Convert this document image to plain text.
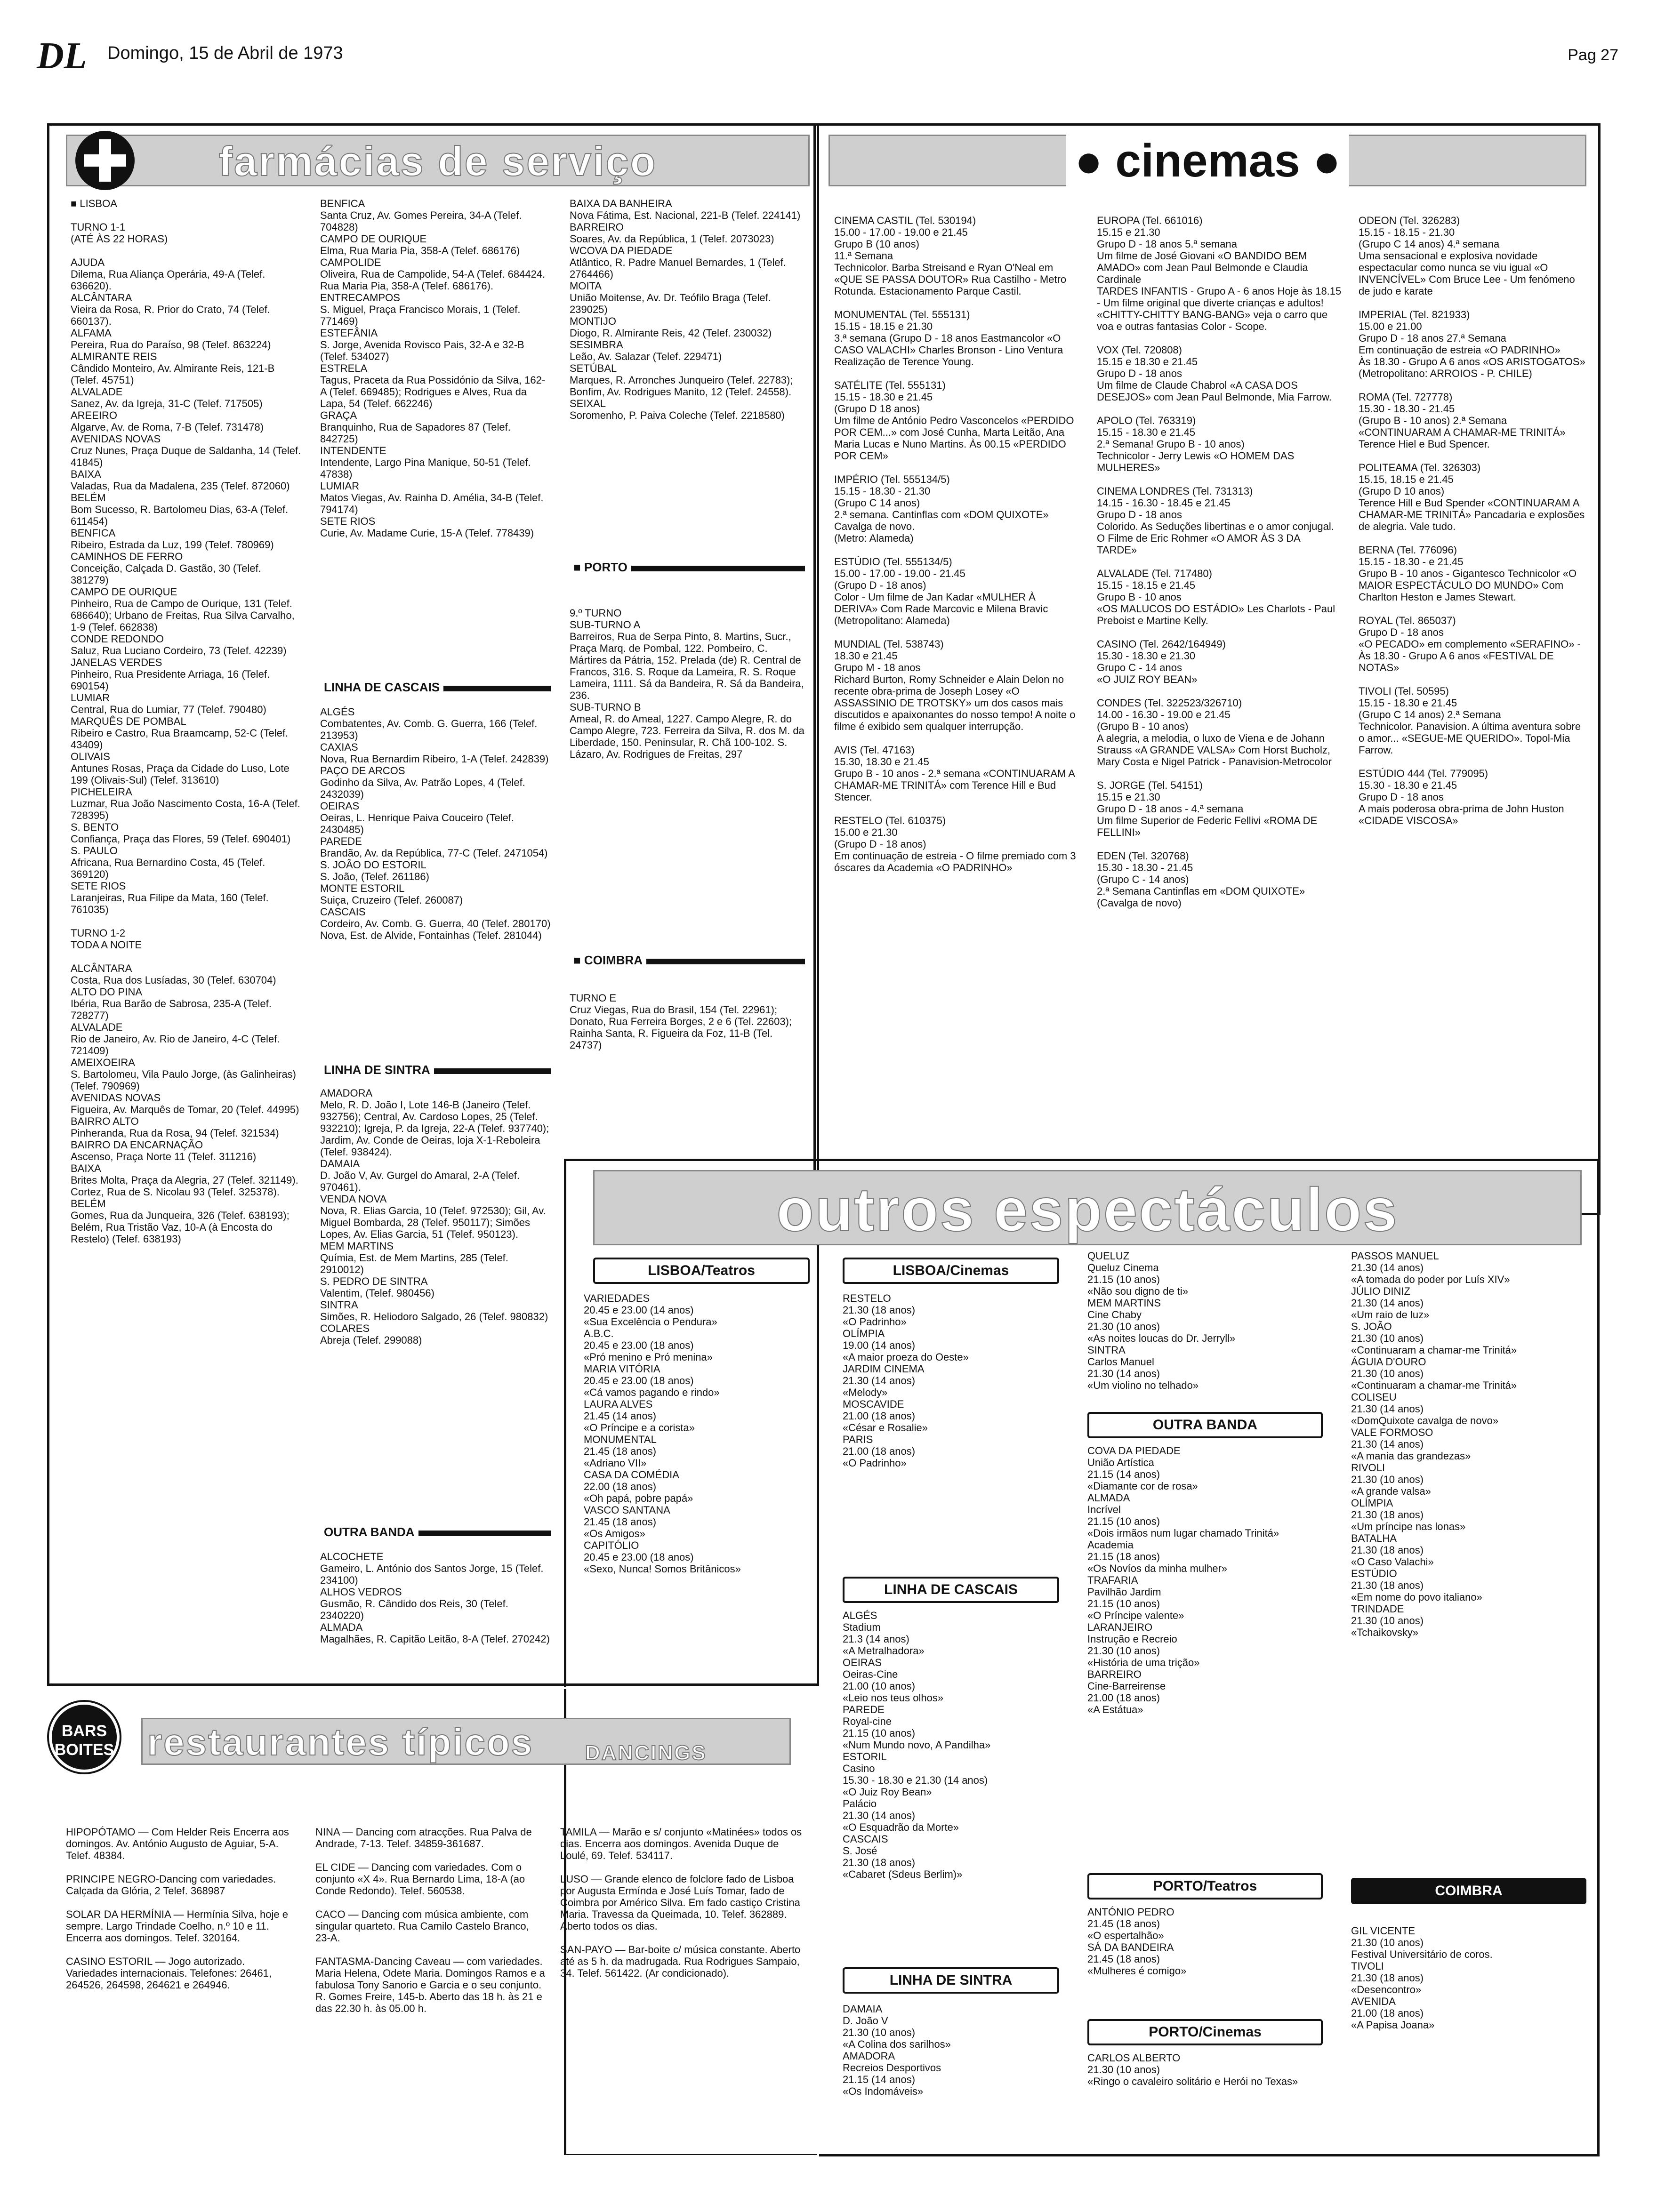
DL Domingo, 15 de Abril de 1973	Pag 27
farmácias de serviço
■ LISBOA

TURNO 1-1
(ATÉ ÀS 22 HORAS)

AJUDA
Dilema, Rua Aliança Operária, 49-A (Telef. 636620).
ALCÂNTARA
Vieira da Rosa, R. Prior do Crato, 74 (Telef. 660137).
ALFAMA
Pereira, Rua do Paraíso, 98 (Telef. 863224)
ALMIRANTE REIS
Cândido Monteiro, Av. Almirante Reis, 121-B (Telef. 45751)
ALVALADE
Sanez, Av. da Igreja, 31-C (Telef. 717505)
AREEIRO
Algarve, Av. de Roma, 7-B (Telef. 731478)
AVENIDAS NOVAS
Cruz Nunes, Praça Duque de Saldanha, 14 (Telef. 41845)
BAIXA
Valadas, Rua da Madalena, 235 (Telef. 872060)
BELÉM
Bom Sucesso, R. Bartolomeu Dias, 63-A (Telef. 611454)
BENFICA
Ribeiro, Estrada da Luz, 199 (Telef. 780969)
CAMINHOS DE FERRO
Conceição, Calçada D. Gastão, 30 (Telef. 381279)
CAMPO DE OURIQUE
Pinheiro, Rua de Campo de Ourique, 131 (Telef. 686640); Urbano de Freitas, Rua Silva Carvalho, 1-9 (Telef. 662838)
CONDE REDONDO
Saluz, Rua Luciano Cordeiro, 73 (Telef. 42239)
JANELAS VERDES
Pinheiro, Rua Presidente Arriaga, 16 (Telef. 690154)
LUMIAR
Central, Rua do Lumiar, 77 (Telef. 790480)
MARQUÊS DE POMBAL
Ribeiro e Castro, Rua Braamcamp, 52-C (Telef. 43409)
OLIVAIS
Antunes Rosas, Praça da Cidade do Luso, Lote 199 (Olivais-Sul) (Telef. 313610)
PICHELEIRA
Luzmar, Rua João Nascimento Costa, 16-A (Telef. 728395)
S. BENTO
Confiança, Praça das Flores, 59 (Telef. 690401)
S. PAULO
Africana, Rua Bernardino Costa, 45 (Telef. 369120)
SETE RIOS
Laranjeiras, Rua Filipe da Mata, 160 (Telef. 761035)

TURNO 1-2
TODA A NOITE

ALCÂNTARA
Costa, Rua dos Lusíadas, 30 (Telef. 630704)
ALTO DO PINA
Ibéria, Rua Barão de Sabrosa, 235-A (Telef. 728277)
ALVALADE
Rio de Janeiro, Av. Rio de Janeiro, 4-C (Telef. 721409)
AMEIXOEIRA
S. Bartolomeu, Vila Paulo Jorge, (às Galinheiras) (Telef. 790969)
AVENIDAS NOVAS
Figueira, Av. Marquês de Tomar, 20 (Telef. 44995)
BAIRRO ALTO
Pinheranda, Rua da Rosa, 94 (Telef. 321534)
BAIRRO DA ENCARNAÇÃO
Ascenso, Praça Norte 11 (Telef. 311216)
BAIXA
Brites Molta, Praça da Alegria, 27 (Telef. 321149). Cortez, Rua de S. Nicolau 93 (Telef. 325378).
BELÉM
Gomes, Rua da Junqueira, 326 (Telef. 638193); Belém, Rua Tristão Vaz, 10-A (à Encosta do Restelo) (Telef. 638193)
BENFICA
Santa Cruz, Av. Gomes Pereira, 34-A (Telef. 704828)
CAMPO DE OURIQUE
Elma, Rua Maria Pia, 358-A (Telef. 686176)
CAMPOLIDE
Oliveira, Rua de Campolide, 54-A (Telef. 684424. Rua Maria Pia, 358-A (Telef. 686176).
ENTRECAMPOS
S. Miguel, Praça Francisco Morais, 1 (Telef. 771469)
ESTEFÂNIA
S. Jorge, Avenida Rovisco Pais, 32-A e 32-B (Telef. 534027)
ESTRELA
Tagus, Praceta da Rua Possidónio da Silva, 162-A (Telef. 669485); Rodrigues e Alves, Rua da Lapa, 54 (Telef. 662246)
GRAÇA
Branquinho, Rua de Sapadores 87 (Telef. 842725)
INTENDENTE
Intendente, Largo Pina Manique, 50-51 (Telef. 47838)
LUMIAR
Matos Viegas, Av. Rainha D. Amélia, 34-B (Telef. 794174)
SETE RIOS
Curie, Av. Madame Curie, 15-A (Telef. 778439)
LINHA DE CASCAIS
ALGÉS
Combatentes, Av. Comb. G. Guerra, 166 (Telef. 213953)
CAXIAS
Nova, Rua Bernardim Ribeiro, 1-A (Telef. 242839)
PAÇO DE ARCOS
Godinho da Silva, Av. Patrão Lopes, 4 (Telef. 2432039)
OEIRAS
Oeiras, L. Henrique Paiva Couceiro (Telef. 2430485)
PAREDE
Brandão, Av. da República, 77-C (Telef. 2471054)
S. JOÃO DO ESTORIL
S. João, (Telef. 261186)
MONTE ESTORIL
Suiça, Cruzeiro (Telef. 260087)
CASCAIS
Cordeiro, Av. Comb. G. Guerra, 40 (Telef. 280170)
Nova, Est. de Alvide, Fontainhas (Telef. 281044)
LINHA DE SINTRA
AMADORA
Melo, R. D. João I, Lote 146-B (Janeiro (Telef. 932756); Central, Av. Cardoso Lopes, 25 (Telef. 932210); Igreja, P. da Igreja, 22-A (Telef. 937740); Jardim, Av. Conde de Oeiras, loja X-1-Reboleira (Telef. 938424).
DAMAIA
D. João V, Av. Gurgel do Amaral, 2-A (Telef. 970461).
VENDA NOVA
Nova, R. Elias Garcia, 10 (Telef. 972530); Gil, Av. Miguel Bombarda, 28 (Telef. 950117); Simões Lopes, Av. Elias Garcia, 51 (Telef. 950123).
MEM MARTINS
Químia, Est. de Mem Martins, 285 (Telef. 2910012)
S. PEDRO DE SINTRA
Valentim, (Telef. 980456)
SINTRA
Simões, R. Heliodoro Salgado, 26 (Telef. 980832)
COLARES
Abreja (Telef. 299088)
OUTRA BANDA
ALCOCHETE
Gameiro, L. António dos Santos Jorge, 15 (Telef. 234100)
ALHOS VEDROS
Gusmão, R. Cândido dos Reis, 30 (Telef. 2340220)
ALMADA
Magalhães, R. Capitão Leitão, 8-A (Telef. 270242)
BAIXA DA BANHEIRA
Nova Fátima, Est. Nacional, 221-B (Telef. 224141)
BARREIRO
Soares, Av. da República, 1 (Telef. 2073023)
WCOVA DA PIEDADE
Atlântico, R. Padre Manuel Bernardes, 1 (Telef. 2764466)
MOITA
União Moitense, Av. Dr. Teófilo Braga (Telef. 239025)
MONTIJO
Diogo, R. Almirante Reis, 42 (Telef. 230032)
SESIMBRA
Leão, Av. Salazar (Telef. 229471)
SETÚBAL
Marques, R. Arronches Junqueiro (Telef. 22783); Bonfim, Av. Rodrigues Manito, 12 (Telef. 24558).
SEIXAL
Soromenho, P. Paiva Coleche (Telef. 2218580)
■ PORTO
9.º TURNO
SUB-TURNO A
Barreiros, Rua de Serpa Pinto, 8. Martins, Sucr., Praça Marq. de Pombal, 122. Pombeiro, C. Mártires da Pátria, 152. Prelada (de) R. Central de Francos, 316. S. Roque da Lameira, R. S. Roque Lameira, 1111. Sá da Bandeira, R. Sá da Bandeira, 236.
SUB-TURNO B
Ameal, R. do Ameal, 1227. Campo Alegre, R. do Campo Alegre, 723. Ferreira da Silva, R. dos M. da Liberdade, 150. Peninsular, R. Chã 100-102. S. Lázaro, Av. Rodrigues de Freitas, 297
■ COIMBRA
TURNO E
Cruz Viegas, Rua do Brasil, 154 (Tel. 22961); Donato, Rua Ferreira Borges, 2 e 6 (Tel. 22603); Rainha Santa, R. Figueira da Foz, 11-B (Tel. 24737)
● cinemas ●
CINEMA CASTIL (Tel. 530194)
15.00 - 17.00 - 19.00 e 21.45
Grupo B (10 anos)
11.ª Semana
Technicolor. Barba Streisand e Ryan O'Neal em «QUE SE PASSA DOUTOR» Rua Castilho - Metro Rotunda. Estacionamento Parque Castil.

MONUMENTAL (Tel. 555131)
15.15 - 18.15 e 21.30
3.ª semana (Grupo D - 18 anos Eastmancolor «O CASO VALACHI» Charles Bronson - Lino Ventura Realização de Terence Young.

SATÉLITE (Tel. 555131)
15.15 - 18.30 e 21.45
(Grupo D 18 anos)
Um filme de António Pedro Vasconcelos «PERDIDO POR CEM...» com José Cunha, Marta Leitão, Ana Maria Lucas e Nuno Martins. Às 00.15 «PERDIDO POR CEM»

IMPÉRIO (Tel. 555134/5)
15.15 - 18.30 - 21.30
(Grupo C 14 anos)
2.ª semana. Cantinflas com «DOM QUIXOTE» Cavalga de novo.
(Metro: Alameda)

ESTÚDIO (Tel. 555134/5)
15.00 - 17.00 - 19.00 - 21.45
(Grupo D - 18 anos)
Color - Um filme de Jan Kadar «MULHER À DERIVA» Com Rade Marcovic e Milena Bravic
(Metropolitano: Alameda)

MUNDIAL (Tel. 538743)
18.30 e 21.45
Grupo M - 18 anos
Richard Burton, Romy Schneider e Alain Delon no recente obra-prima de Joseph Losey «O ASSASSINIO DE TROTSKY» um dos casos mais discutidos e apaixonantes do nosso tempo! A noite o filme é exibido sem qualquer interrupção.

AVIS (Tel. 47163)
15.30, 18.30 e 21.45
Grupo B - 10 anos - 2.ª semana «CONTINUARAM A CHAMAR-ME TRINITÁ» com Terence Hill e Bud Stencer.

RESTELO (Tel. 610375)
15.00 e 21.30
(Grupo D - 18 anos)
Em continuação de estreia - O filme premiado com 3 óscares da Academia «O PADRINHO»
EUROPA (Tel. 661016)
15.15 e 21.30
Grupo D - 18 anos 5.ª semana
Um filme de José Giovani «O BANDIDO BEM AMADO» com Jean Paul Belmonde e Claudia Cardinale
TARDES INFANTIS - Grupo A - 6 anos Hoje às 18.15 - Um filme original que diverte crianças e adultos! «CHITTY-CHITTY BANG-BANG» veja o carro que voa e outras fantasias Color - Scope.

VOX (Tel. 720808)
15.15 e 18.30 e 21.45
Grupo D - 18 anos
Um filme de Claude Chabrol «A CASA DOS DESEJOS» com Jean Paul Belmonde, Mia Farrow.

APOLO (Tel. 763319)
15.15 - 18.30 e 21.45
2.ª Semana! Grupo B - 10 anos)
Technicolor - Jerry Lewis «O HOMEM DAS MULHERES»

CINEMA LONDRES (Tel. 731313)
14.15 - 16.30 - 18.45 e 21.45
Grupo D - 18 anos
Colorido. As Seduções libertinas e o amor conjugal. O Filme de Eric Rohmer «O AMOR ÀS 3 DA TARDE»

ALVALADE (Tel. 717480)
15.15 - 18.15 e 21.45
Grupo B - 10 anos
«OS MALUCOS DO ESTÁDIO» Les Charlots - Paul Preboist e Martine Kelly.

CASINO (Tel. 2642/164949)
15.30 - 18.30 e 21.30
Grupo C - 14 anos
«O JUIZ ROY BEAN»

CONDES (Tel. 322523/326710)
14.00 - 16.30 - 19.00 e 21.45
(Grupo B - 10 anos)
A alegria, a melodia, o luxo de Viena e de Johann Strauss «A GRANDE VALSA» Com Horst Bucholz, Mary Costa e Nigel Patrick - Panavision-Metrocolor

S. JORGE (Tel. 54151)
15.15 e 21.30
Grupo D - 18 anos - 4.ª semana
Um filme Superior de Federic Fellivi «ROMA DE FELLINI»

EDEN (Tel. 320768)
15.30 - 18.30 - 21.45
(Grupo C - 14 anos)
2.ª Semana Cantinflas em «DOM QUIXOTE» (Cavalga de novo)
ODEON (Tel. 326283)
15.15 - 18.15 - 21.30
(Grupo C 14 anos) 4.ª semana
Uma sensacional e explosiva novidade espectacular como nunca se viu igual «O INVENCÍVEL» Com Bruce Lee - Um fenómeno de judo e karate

IMPERIAL (Tel. 821933)
15.00 e 21.00
Grupo D - 18 anos 27.ª Semana
Em continuação de estreia «O PADRINHO»
Às 18.30 - Grupo A 6 anos «OS ARISTOGATOS»
(Metropolitano: ARROIOS - P. CHILE)

ROMA (Tel. 727778)
15.30 - 18.30 - 21.45
(Grupo B - 10 anos) 2.ª Semana «CONTINUARAM A CHAMAR-ME TRINITÁ» Terence Hiel e Bud Spencer.

POLITEAMA (Tel. 326303)
15.15, 18.15 e 21.45
(Grupo D 10 anos)
Terence Hill e Bud Spender «CONTINUARAM A CHAMAR-ME TRINITÁ» Pancadaria e explosões de alegria. Vale tudo.

BERNA (Tel. 776096)
15.15 - 18.30 - e 21.45
Grupo B - 10 anos - Gigantesco Technicolor «O MAIOR ESPECTÁCULO DO MUNDO» Com Charlton Heston e James Stewart.

ROYAL (Tel. 865037)
Grupo D - 18 anos
«O PECADO» em complemento «SERAFINO» - Às 18.30 - Grupo A 6 anos «FESTIVAL DE NOTAS»

TIVOLI (Tel. 50595)
15.15 - 18.30 e 21.45
(Grupo C 14 anos) 2.ª Semana
Technicolor. Panavision. A última aventura sobre o amor... «SEGUE-ME QUERIDO». Topol-Mia Farrow.

ESTÚDIO 444 (Tel. 779095)
15.30 - 18.30 e 21.45
Grupo D - 18 anos
A mais poderosa obra-prima de John Huston «CIDADE VISCOSA»
outros espectáculos
LISBOA/Teatros
VARIEDADES
20.45 e 23.00 (14 anos)
«Sua Excelência o Pendura»
A.B.C.
20.45 e 23.00 (18 anos)
«Pró menino e Pró menina»
MARIA VITÓRIA
20.45 e 23.00 (18 anos)
«Cá vamos pagando e rindo»
LAURA ALVES
21.45 (14 anos)
«O Príncipe e a corista»
MONUMENTAL
21.45 (18 anos)
«Adriano VII»
CASA DA COMÉDIA
22.00 (18 anos)
«Oh papá, pobre papá»
VASCO SANTANA
21.45 (18 anos)
«Os Amigos»
CAPITÓLIO
20.45 e 23.00 (18 anos)
«Sexo, Nunca! Somos Britânicos»
LISBOA/Cinemas
RESTELO
21.30 (18 anos)
«O Padrinho»
OLÍMPIA
19.00 (14 anos)
«A maior proeza do Oeste»
JARDIM CINEMA
21.30 (14 anos)
«Melody»
MOSCAVIDE
21.00 (18 anos)
«César e Rosalie»
PARIS
21.00 (18 anos)
«O Padrinho»
LINHA DE CASCAIS
ALGÉS
Stadium
21.3 (14 anos)
«A Metralhadora»
OEIRAS
Oeiras-Cine
21.00 (10 anos)
«Leio nos teus olhos»
PAREDE
Royal-cine
21.15 (10 anos)
«Num Mundo novo, A Pandilha»
ESTORIL
Casino
15.30 - 18.30 e 21.30 (14 anos)
«O Juiz Roy Bean»
Palácio
21.30 (14 anos)
«O Esquadrão da Morte»
CASCAIS
S. José
21.30 (18 anos)
«Cabaret (Sdeus Berlim)»
LINHA DE SINTRA
DAMAIA
D. João V
21.30 (10 anos)
«A Colina dos sarilhos»
AMADORA
Recreios Desportivos
21.15 (14 anos)
«Os Indomáveis»
QUELUZ
Queluz Cinema
21.15 (10 anos)
«Não sou digno de ti»
MEM MARTINS
Cine Chaby
21.30 (10 anos)
«As noites loucas do Dr. Jerryll»
SINTRA
Carlos Manuel
21.30 (14 anos)
«Um violino no telhado»
OUTRA BANDA
COVA DA PIEDADE
União Artística
21.15 (14 anos)
«Diamante cor de rosa»
ALMADA
Incrível
21.15 (10 anos)
«Dois irmãos num lugar chamado Trinitá»
Academia
21.15 (18 anos)
«Os Novíos da minha mulher»
TRAFARIA
Pavilhão Jardim
21.15 (10 anos)
«O Príncipe valente»
LARANJEIRO
Instrução e Recreio
21.30 (10 anos)
«História de uma trição»
BARREIRO
Cine-Barreirense
21.00 (18 anos)
«A Estátua»
PORTO/Teatros
ANTÓNIO PEDRO
21.45 (18 anos)
«O espertalhão»
SÁ DA BANDEIRA
21.45 (18 anos)
«Mulheres é comigo»
PORTO/Cinemas
CARLOS ALBERTO
21.30 (10 anos)
«Ringo o cavaleiro solitário e Herói no Texas»
PASSOS MANUEL
21.30 (14 anos)
«A tomada do poder por Luís XIV»
JÚLIO DINIZ
21.30 (14 anos)
«Um raio de luz»
S. JOÃO
21.30 (10 anos)
«Continuaram a chamar-me Trinitá»
ÁGUIA D'OURO
21.30 (10 anos)
«Continuaram a chamar-me Trinitá»
COLISEU
21.30 (14 anos)
«DomQuixote cavalga de novo»
VALE FORMOSO
21.30 (14 anos)
«A mania das grandezas»
RIVOLI
21.30 (10 anos)
«A grande valsa»
OLÍMPIA
21.30 (18 anos)
«Um príncipe nas lonas»
BATALHA
21.30 (18 anos)
«O Caso Valachi»
ESTÚDIO
21.30 (18 anos)
«Em nome do povo italiano»
TRINDADE
21.30 (10 anos)
«Tchaikovsky»
COIMBRA
GIL VICENTE
21.30 (10 anos)
Festival Universitário de coros.
TIVOLI
21.30 (18 anos)
«Desencontro»
AVENIDA
21.00 (18 anos)
«A Papisa Joana»
BARS BOITES restaurantes típicos	DANCINGS
HIPOPÓTAMO — Com Helder Reis Encerra aos domingos. Av. António Augusto de Aguiar, 5-A. Telef. 48384.

PRINCIPE NEGRO-Dancing com variedades. Calçada da Glória, 2 Telef. 368987

SOLAR DA HERMÍNIA — Hermínia Silva, hoje e sempre. Largo Trindade Coelho, n.º 10 e 11. Encerra aos domingos. Telef. 320164.

CASINO ESTORIL — Jogo autorizado. Variedades internacionais. Telefones: 26461, 264526, 264598, 264621 e 264946.
NINA — Dancing com atracções. Rua Palva de Andrade, 7-13. Telef. 34859-361687.

EL CIDE — Dancing com variedades. Com o conjunto «X 4». Rua Bernardo Lima, 18-A (ao Conde Redondo). Telef. 560538.

CACO — Dancing com música ambiente, com singular quarteto. Rua Camilo Castelo Branco, 23-A.

FANTASMA-Dancing Caveau — com variedades. Maria Helena, Odete Maria. Domingos Ramos e a fabulosa Tony Sanorio e Garcia e o seu conjunto. R. Gomes Freire, 145-b. Aberto das 18 h. às 21 e das 22.30 h. às 05.00 h.
TAMILA — Marão e s/ conjunto «Matinées» todos os dias. Encerra aos domingos. Avenida Duque de Loulé, 69. Telef. 534117.

LUSO — Grande elenco de folclore fado de Lisboa por Augusta Ermínda e José Luís Tomar, fado de Coimbra por Américo Silva. Em fado castiço Cristina Maria. Travessa da Queimada, 10. Telef. 362889. Aberto todos os dias.

SAN-PAYO — Bar-boite c/ música constante. Aberto até as 5 h. da madrugada. Rua Rodrigues Sampaio, 34. Telef. 561422. (Ar condicionado).
